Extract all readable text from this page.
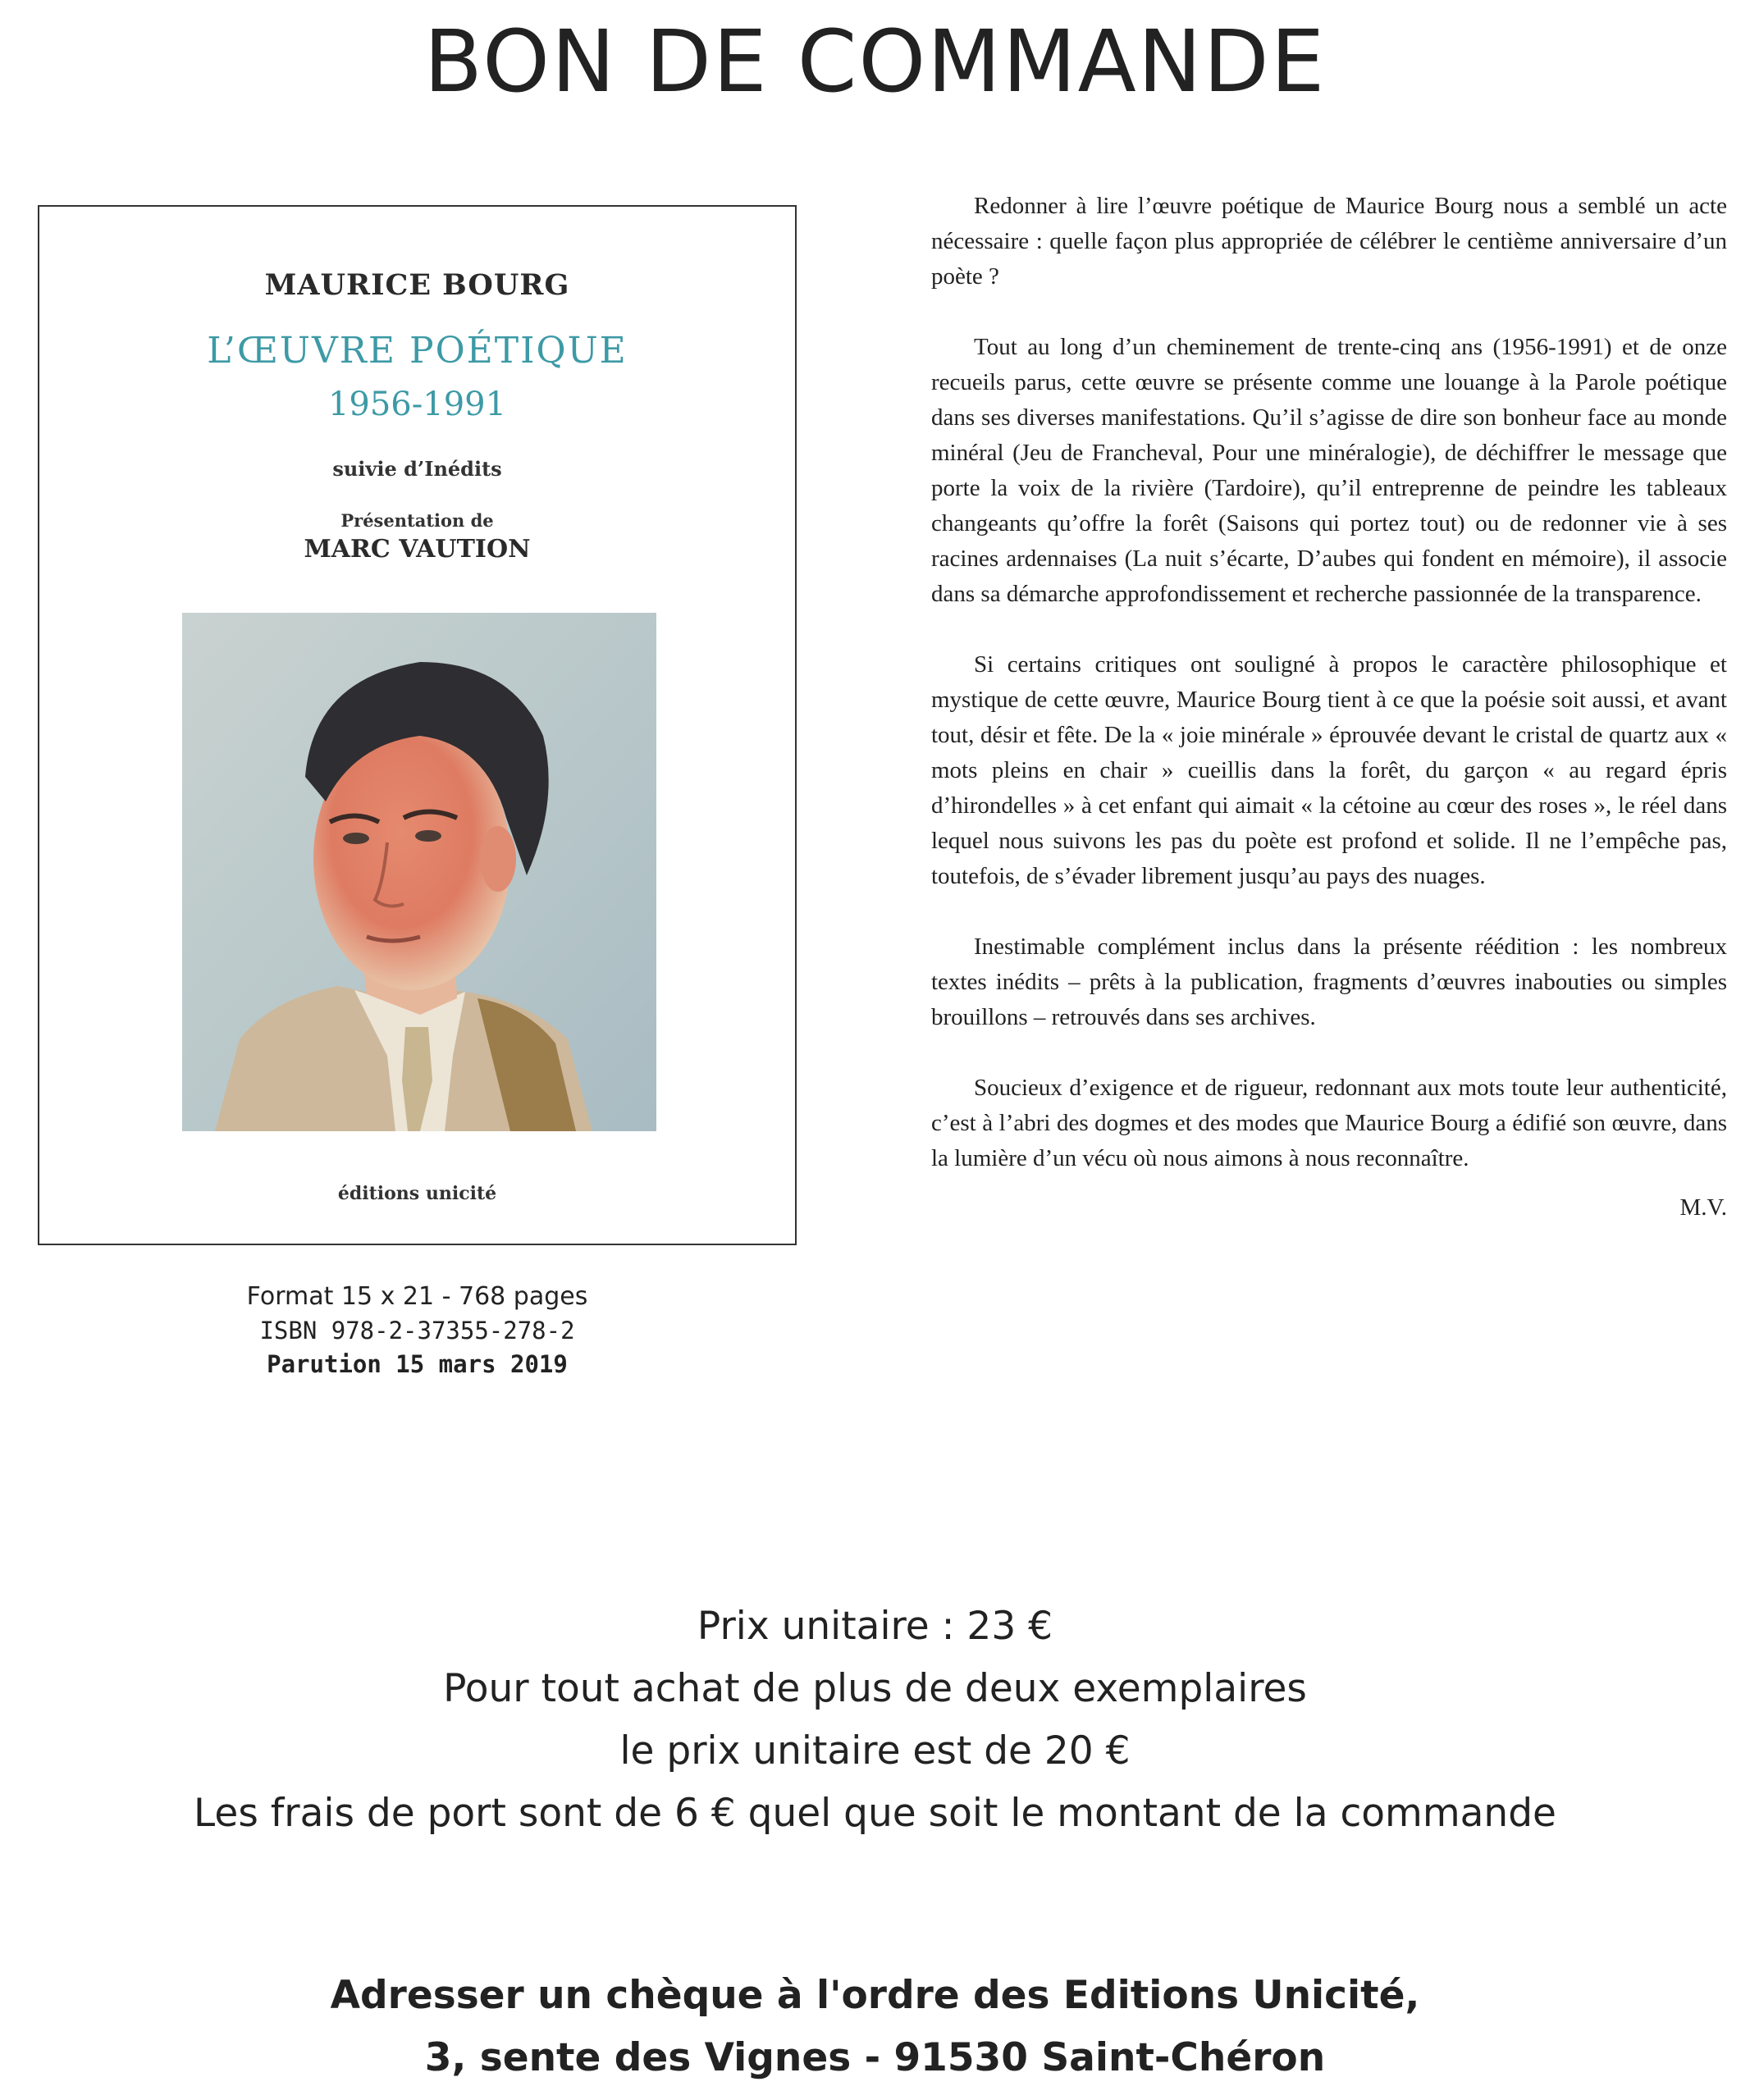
BON DE COMMANDE
MAURICE BOURG
L’ŒUVRE POÉTIQUE
1956-1991
suivie d’Inédits
Présentation de
MARC VAUTION
éditions unicité
Format 15 x 21 - 768 pages
ISBN 978-2-37355-278-2
Parution 15 mars 2019

Redonner à lire l’œuvre poétique de Maurice Bourg nous a semblé un acte nécessaire : quelle façon plus appropriée de célébrer le centième anniversaire d’un poète ?

Tout au long d’un cheminement de trente-cinq ans (1956-1991) et de onze recueils parus, cette œuvre se présente comme une louange à la Parole poétique dans ses diverses manifestations. Qu’il s’agisse de dire son bonheur face au monde minéral (Jeu de Francheval, Pour une minéralogie), de déchiffrer le message que porte la voix de la rivière (Tardoire), qu’il entreprenne de peindre les tableaux changeants qu’offre la forêt (Saisons qui portez tout) ou de redonner vie à ses racines ardennaises (La nuit s’écarte, D’aubes qui fondent en mémoire), il associe dans sa démarche approfondissement et recherche passionnée de la transparence.

Si certains critiques ont souligné à propos le caractère philosophique et mystique de cette œuvre, Maurice Bourg tient à ce que la poésie soit aussi, et avant tout, désir et fête. De la « joie minérale » éprouvée devant le cristal de quartz aux « mots pleins en chair » cueillis dans la forêt, du garçon « au regard épris d’hirondelles » à cet enfant qui aimait « la cétoine au cœur des roses », le réel dans lequel nous suivons les pas du poète est profond et solide. Il ne l’empêche pas, toutefois, de s’évader librement jusqu’au pays des nuages.

Inestimable complément inclus dans la présente réédition : les nombreux textes inédits – prêts à la publication, fragments d’œuvres inabouties ou simples brouillons – retrouvés dans ses archives.

Soucieux d’exigence et de rigueur, redonnant aux mots toute leur authenticité, c’est à l’abri des dogmes et des modes que Maurice Bourg a édifié son œuvre, dans la lumière d’un vécu où nous aimons à nous reconnaître.

M.V.
Prix unitaire : 23 €
Pour tout achat de plus de deux exemplaires
le prix unitaire est de 20 €
Les frais de port sont de 6 € quel que soit le montant de la commande
Adresser un chèque à l'ordre des Editions Unicité,
3, sente des Vignes - 91530 Saint-Chéron
